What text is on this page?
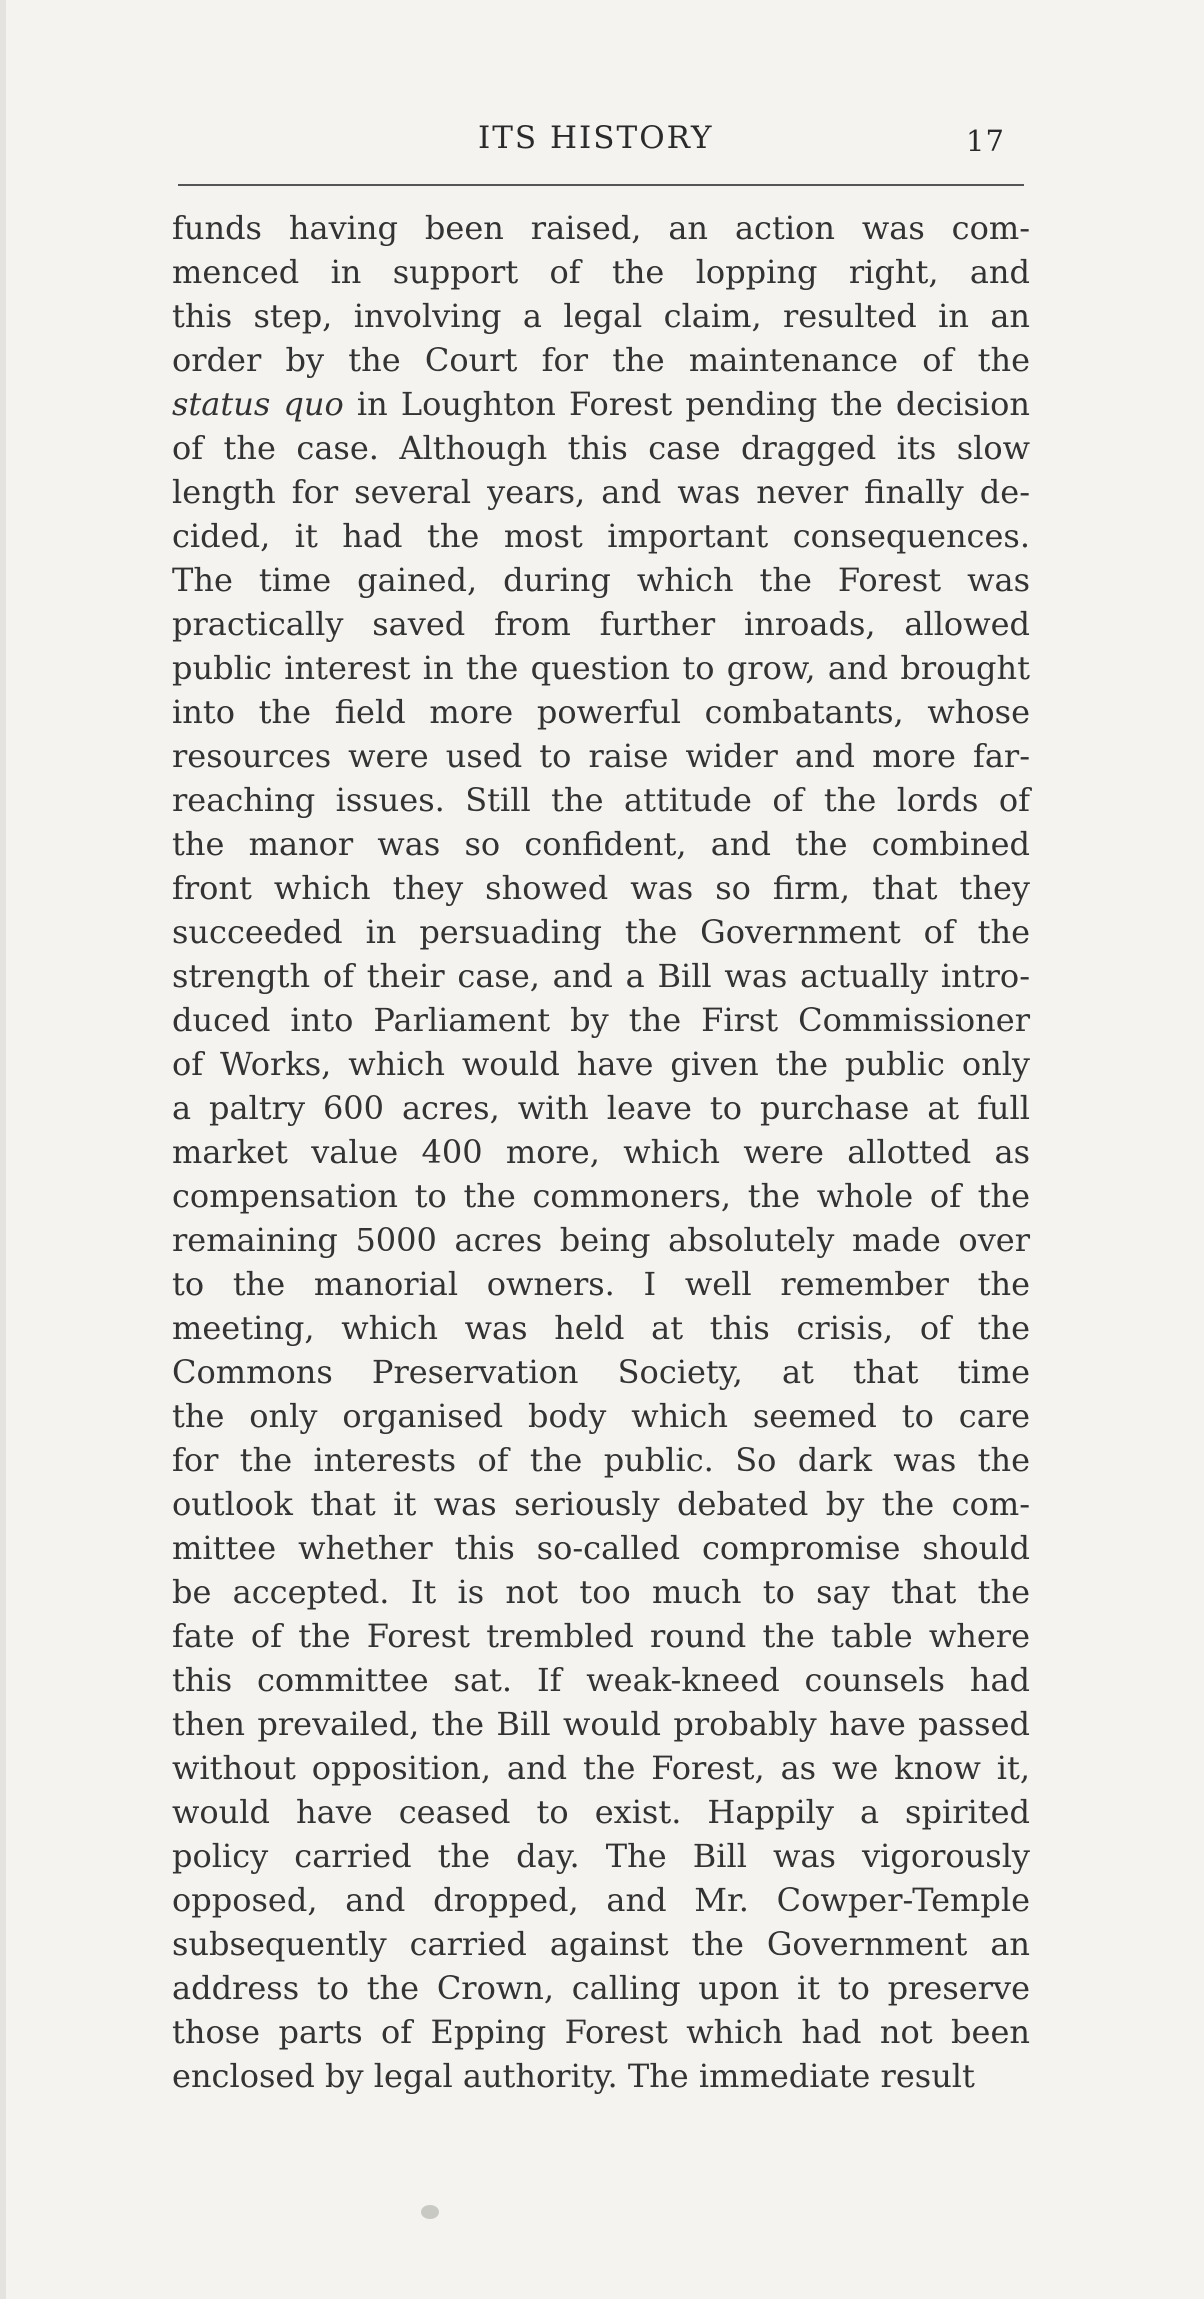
ITS HISTORY	17
funds having been raised, an action was com-
menced in support of the lopping right, and
this step, involving a legal claim, resulted in an
order by the Court for the maintenance of the
status quo in Loughton Forest pending the decision
of the case. Although this case dragged its slow
length for several years, and was never finally de-
cided, it had the most important consequences.
The time gained, during which the Forest was
practically saved from further inroads, allowed
public interest in the question to grow, and brought
into the field more powerful combatants, whose
resources were used to raise wider and more far-
reaching issues. Still the attitude of the lords of
the manor was so confident, and the combined
front which they showed was so firm, that they
succeeded in persuading the Government of the
strength of their case, and a Bill was actually intro-
duced into Parliament by the First Commissioner
of Works, which would have given the public only
a paltry 600 acres, with leave to purchase at full
market value 400 more, which were allotted as
compensation to the commoners, the whole of the
remaining 5000 acres being absolutely made over
to the manorial owners. I well remember the
meeting, which was held at this crisis, of the
Commons Preservation Society, at that time
the only organised body which seemed to care
for the interests of the public. So dark was the
outlook that it was seriously debated by the com-
mittee whether this so-called compromise should
be accepted. It is not too much to say that the
fate of the Forest trembled round the table where
this committee sat. If weak-kneed counsels had
then prevailed, the Bill would probably have passed
without opposition, and the Forest, as we know it,
would have ceased to exist. Happily a spirited
policy carried the day. The Bill was vigorously
opposed, and dropped, and Mr. Cowper-Temple
subsequently carried against the Government an
address to the Crown, calling upon it to preserve
those parts of Epping Forest which had not been
enclosed by legal authority. The immediate result
